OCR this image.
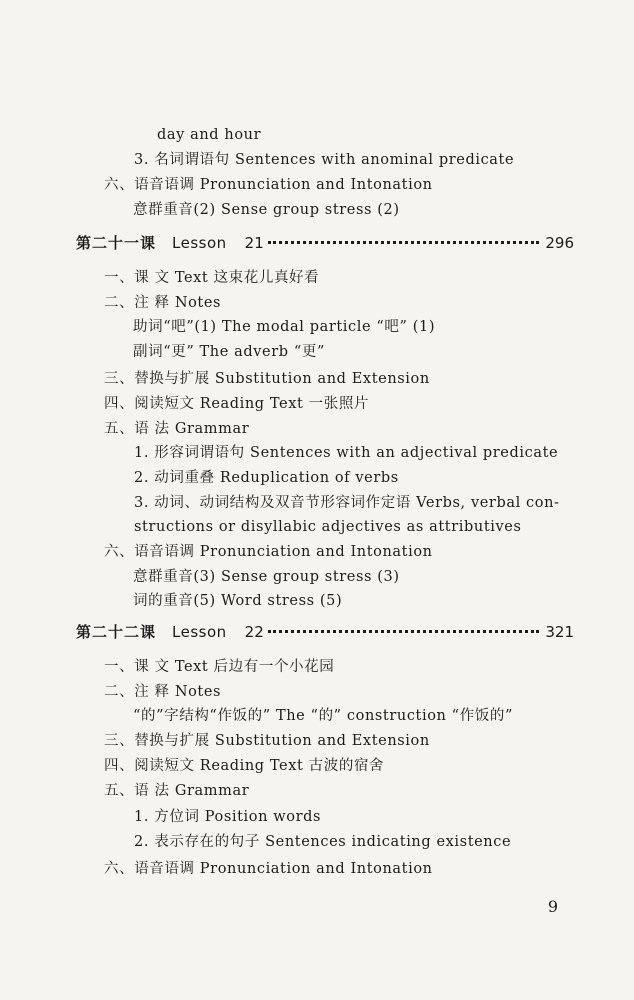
day and hour
3. 名词谓语句 Sentences with anominal predicate
六、语音语调 Pronunciation and Intonation
意群重音(2) Sense group stress (2)
第二十一课 Lesson 21	296
一、课 文 Text 这束花儿真好看
二、注 释 Notes
助词“吧”(1) The modal particle “吧” (1)
副词“更” The adverb “更”
三、替换与扩展 Substitution and Extension
四、阅读短文 Reading Text 一张照片
五、语 法 Grammar
1. 形容词谓语句 Sentences with an adjectival predicate
2. 动词重叠 Reduplication of verbs
3. 动词、动词结构及双音节形容词作定语 Verbs, verbal con-
structions or disyllabic adjectives as attributives
六、语音语调 Pronunciation and Intonation
意群重音(3) Sense group stress (3)
词的重音(5) Word stress (5)
第二十二课 Lesson 22	321
一、课 文 Text 后边有一个小花园
二、注 释 Notes
“的”字结构“作饭的” The “的” construction “作饭的”
三、替换与扩展 Substitution and Extension
四、阅读短文 Reading Text 古波的宿舍
五、语 法 Grammar
1. 方位词 Position words
2. 表示存在的句子 Sentences indicating existence
六、语音语调 Pronunciation and Intonation
9
